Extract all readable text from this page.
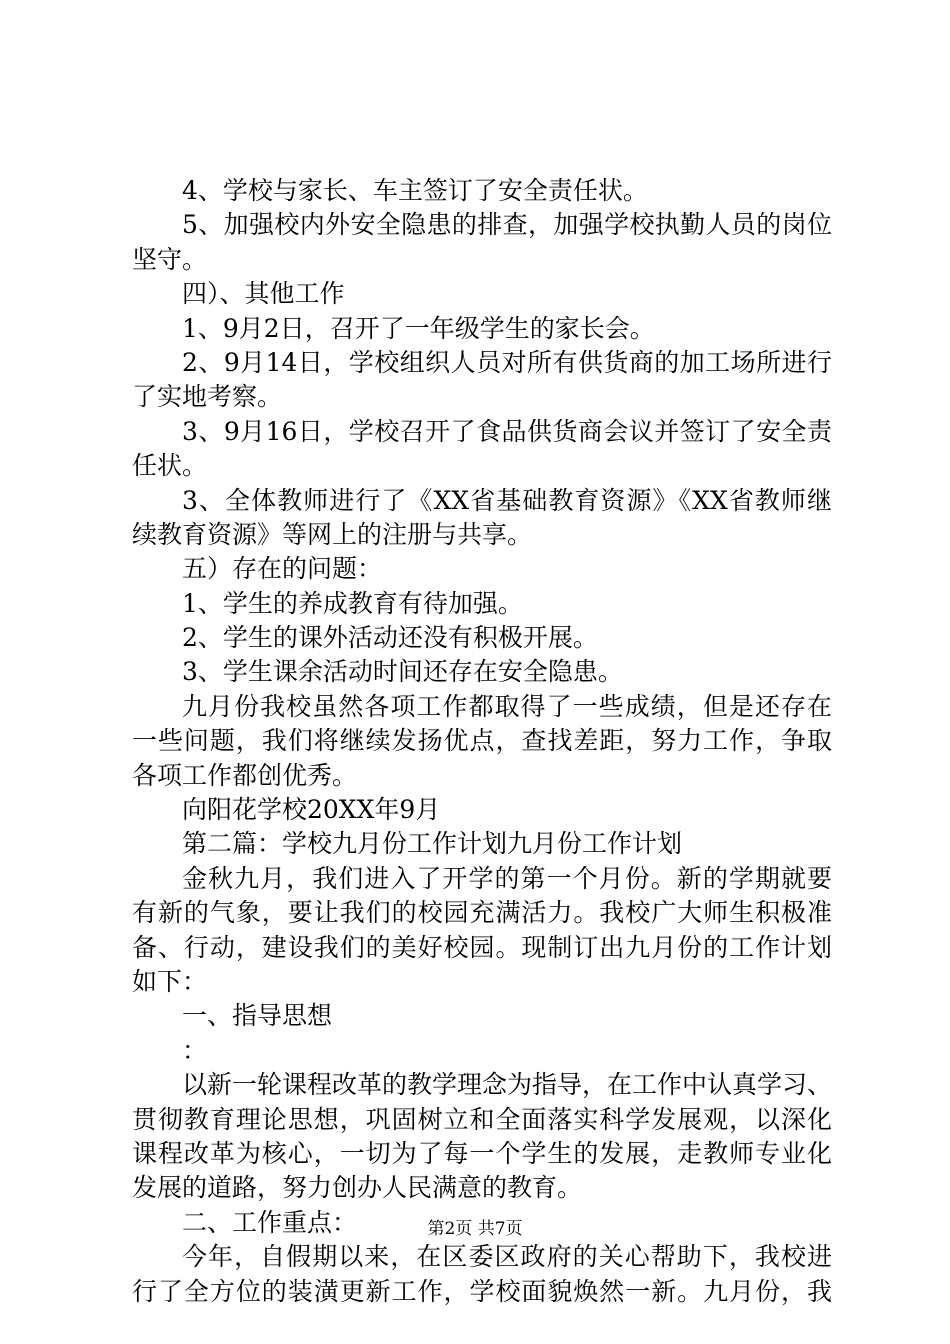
4、学校与家长、车主签订了安全责任状。
5、加强校内外安全隐患的排查，加强学校执勤人员的岗位
坚守。
四）、其他工作
1、9月2日，召开了一年级学生的家长会。
2、9月14日，学校组织人员对所有供货商的加工场所进行
了实地考察。
3、9月16日，学校召开了食品供货商会议并签订了安全责
任状。
3、全体教师进行了《XX省基础教育资源》《XX省教师继
续教育资源》等网上的注册与共享。
五）存在的问题：
1、学生的养成教育有待加强。
2、学生的课外活动还没有积极开展。
3、学生课余活动时间还存在安全隐患。
九月份我校虽然各项工作都取得了一些成绩，但是还存在
一些问题，我们将继续发扬优点，查找差距，努力工作，争取
各项工作都创优秀。
向阳花学校20XX年9月
第二篇：学校九月份工作计划九月份工作计划
金秋九月，我们进入了开学的第一个月份。新的学期就要
有新的气象，要让我们的校园充满活力。我校广大师生积极准
备、行动，建设我们的美好校园。现制订出九月份的工作计划
如下：
一、指导思想
：
以新一轮课程改革的教学理念为指导，在工作中认真学习、
贯彻教育理论思想，巩固树立和全面落实科学发展观，以深化
课程改革为核心，一切为了每一个学生的发展，走教师专业化
发展的道路，努力创办人民满意的教育。
二、工作重点：
今年，自假期以来，在区委区政府的关心帮助下，我校进
行了全方位的装潢更新工作，学校面貌焕然一新。九月份，我
第2页 共7页
